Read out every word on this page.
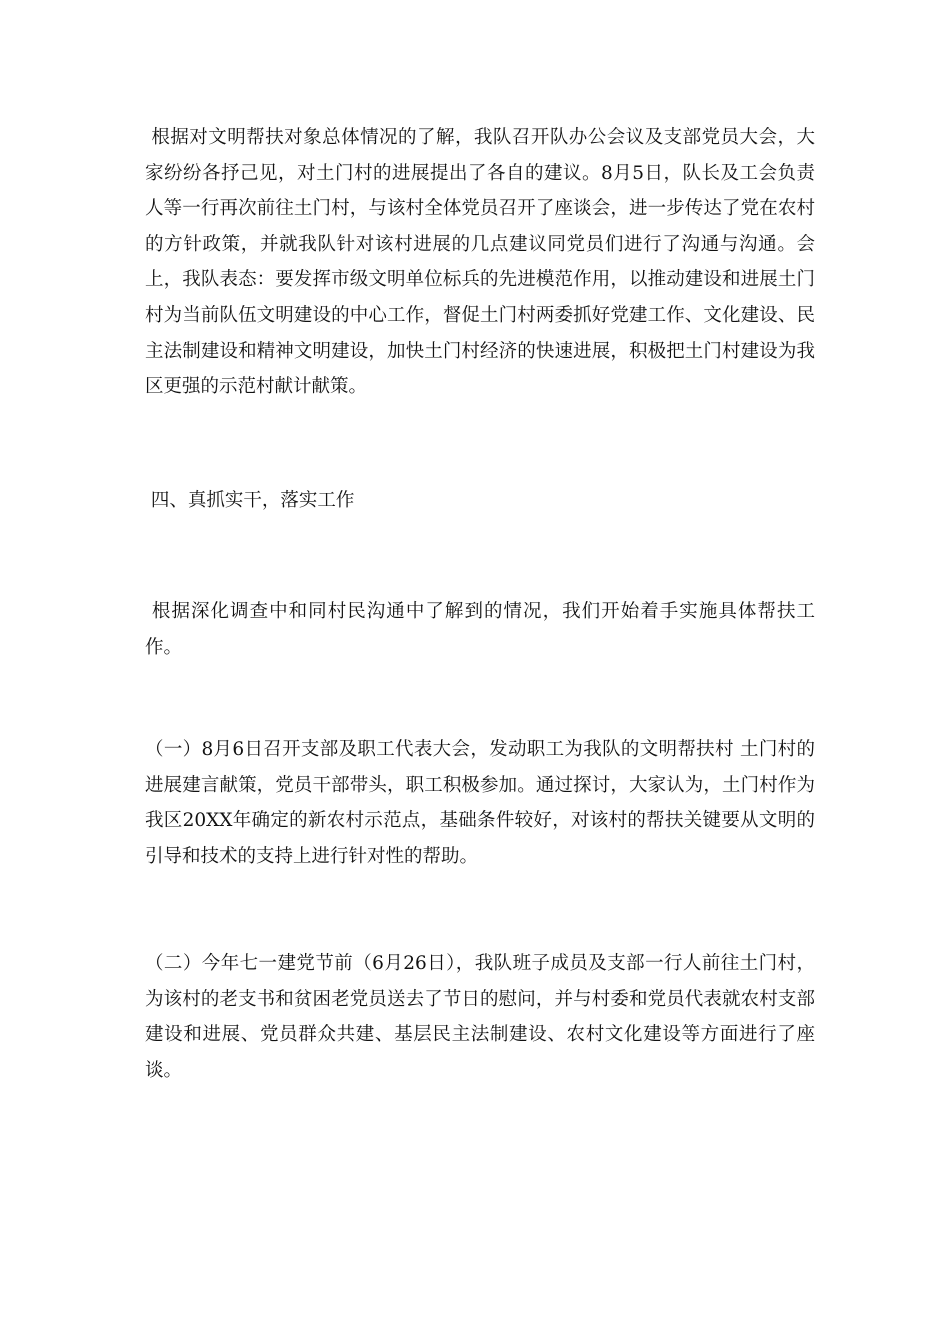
根据对文明帮扶对象总体情况的了解，我队召开队办公会议及支部党员大会，大家纷纷各抒己见，对土门村的进展提出了各自的建议。8月5日，队长及工会负责人等一行再次前往土门村，与该村全体党员召开了座谈会，进一步传达了党在农村的方针政策，并就我队针对该村进展的几点建议同党员们进行了沟通与沟通。会上，我队表态：要发挥市级文明单位标兵的先进模范作用，以推动建设和进展土门村为当前队伍文明建设的中心工作，督促土门村两委抓好党建工作、文化建设、民主法制建设和精神文明建设，加快土门村经济的快速进展，积极把土门村建设为我区更强的示范村献计献策。

四、真抓实干，落实工作

根据深化调查中和同村民沟通中了解到的情况，我们开始着手实施具体帮扶工作。

（一）8月6日召开支部及职工代表大会，发动职工为我队的文明帮扶村 土门村的进展建言献策，党员干部带头，职工积极参加。通过探讨，大家认为，土门村作为我区20XX年确定的新农村示范点，基础条件较好，对该村的帮扶关键要从文明的引导和技术的支持上进行针对性的帮助。

（二）今年七一建党节前（6月26日），我队班子成员及支部一行人前往土门村，为该村的老支书和贫困老党员送去了节日的慰问，并与村委和党员代表就农村支部建设和进展、党员群众共建、基层民主法制建设、农村文化建设等方面进行了座谈。
